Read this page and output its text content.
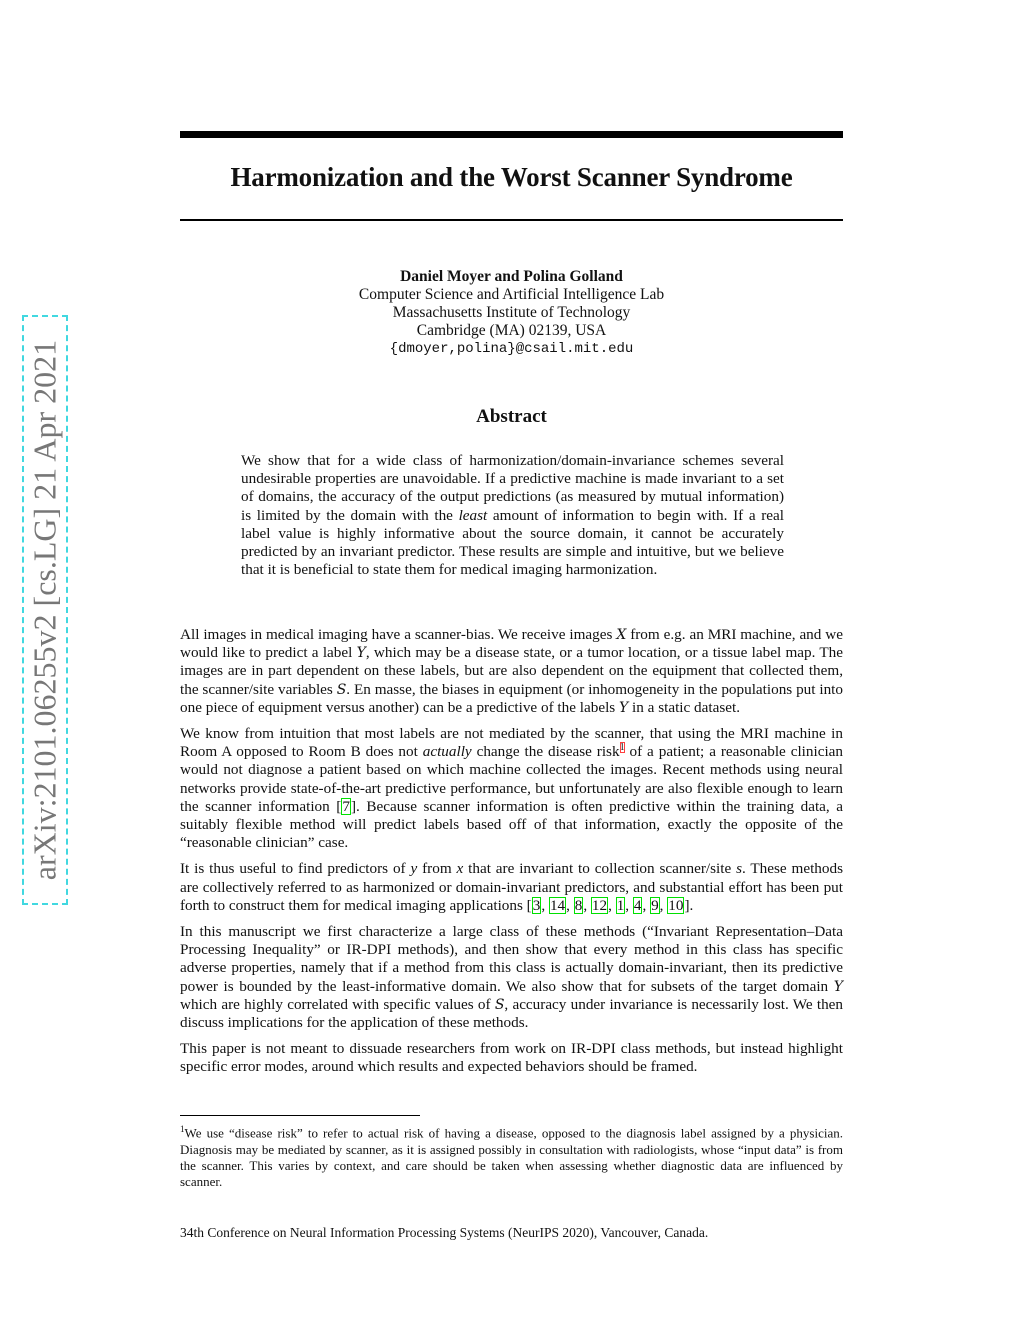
arXiv:2101.06255v2 [cs.LG] 21 Apr 2021
Harmonization and the Worst Scanner Syndrome
Daniel Moyer and Polina Golland
Computer Science and Artificial Intelligence Lab
Massachusetts Institute of Technology
Cambridge (MA) 02139, USA
{dmoyer,polina}@csail.mit.edu
Abstract
We show that for a wide class of harmonization/domain-invariance schemes several undesirable properties are unavoidable. If a predictive machine is made invariant to a set of domains, the accuracy of the output predictions (as measured by mutual information) is limited by the domain with the least amount of information to begin with. If a real label value is highly informative about the source domain, it cannot be accurately predicted by an invariant predictor. These results are simple and intuitive, but we believe that it is beneficial to state them for medical imaging harmonization.

All images in medical imaging have a scanner-bias. We receive images X from e.g. an MRI machine, and we would like to predict a label Y, which may be a disease state, or a tumor location, or a tissue label map. The images are in part dependent on these labels, but are also dependent on the equipment that collected them, the scanner/site variables S. En masse, the biases in equipment (or inhomogeneity in the populations put into one piece of equipment versus another) can be a predictive of the labels Y in a static dataset.

We know from intuition that most labels are not mediated by the scanner, that using the MRI machine in Room A opposed to Room B does not actually change the disease risk$^1$ of a patient; a reasonable clinician would not diagnose a patient based on which machine collected the images. Recent methods using neural networks provide state-of-the-art predictive performance, but unfortunately are also flexible enough to learn the scanner information [7]. Because scanner information is often predictive within the training data, a suitably flexible method will predict labels based off of that information, exactly the opposite of the “reasonable clinician” case.

It is thus useful to find predictors of y from x that are invariant to collection scanner/site s. These methods are collectively referred to as harmonized or domain-invariant predictors, and substantial effort has been put forth to construct them for medical imaging applications [3, 14, 8, 12, 1, 4, 9, 10].

In this manuscript we first characterize a large class of these methods (“Invariant Representation–Data Processing Inequality” or IR-DPI methods), and then show that every method in this class has specific adverse properties, namely that if a method from this class is actually domain-invariant, then its predictive power is bounded by the least-informative domain. We also show that for subsets of the target domain Y which are highly correlated with specific values of S, accuracy under invariance is necessarily lost. We then discuss implications for the application of these methods.

This paper is not meant to dissuade researchers from work on IR-DPI class methods, but instead highlight specific error modes, around which results and expected behaviors should be framed.

$^1$We use “disease risk” to refer to actual risk of having a disease, opposed to the diagnosis label assigned by a physician. Diagnosis may be mediated by scanner, as it is assigned possibly in consultation with radiologists, whose “input data” is from the scanner. This varies by context, and care should be taken when assessing whether diagnostic data are influenced by scanner.
34th Conference on Neural Information Processing Systems (NeurIPS 2020), Vancouver, Canada.
